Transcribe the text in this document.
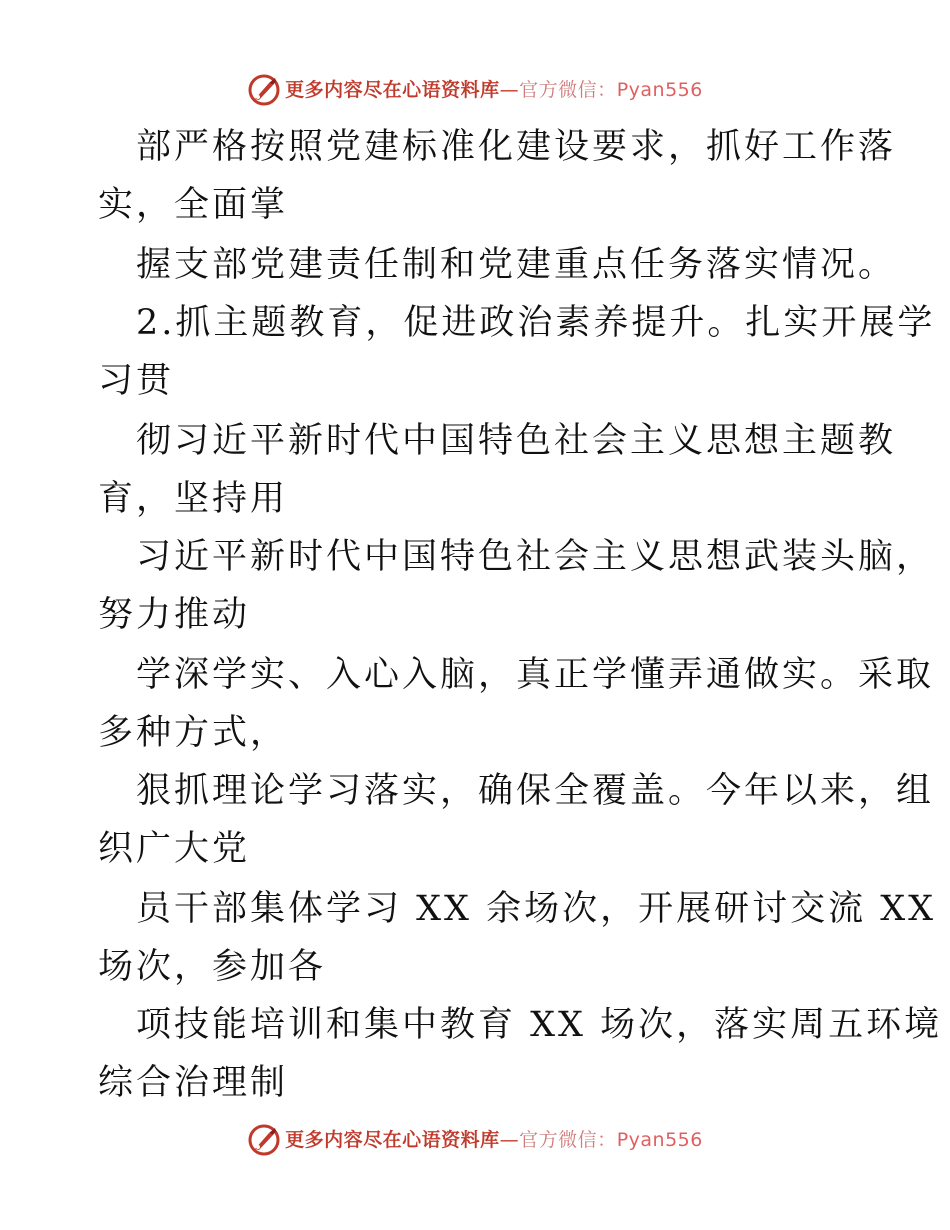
更多内容尽在心语资料库—官方微信：Pyan556
部严格按照党建标准化建设要求，抓好工作落
实，全面掌
握支部党建责任制和党建重点任务落实情况。
2.抓主题教育，促进政治素养提升。扎实开展学
习贯
彻习近平新时代中国特色社会主义思想主题教
育，坚持用
习近平新时代中国特色社会主义思想武装头脑，
努力推动
学深学实、入心入脑，真正学懂弄通做实。采取
多种方式，
狠抓理论学习落实，确保全覆盖。今年以来，组
织广大党
员干部集体学习 XX 余场次，开展研讨交流 XX
场次，参加各
项技能培训和集中教育 XX 场次，落实周五环境
综合治理制
更多内容尽在心语资料库—官方微信：Pyan556
